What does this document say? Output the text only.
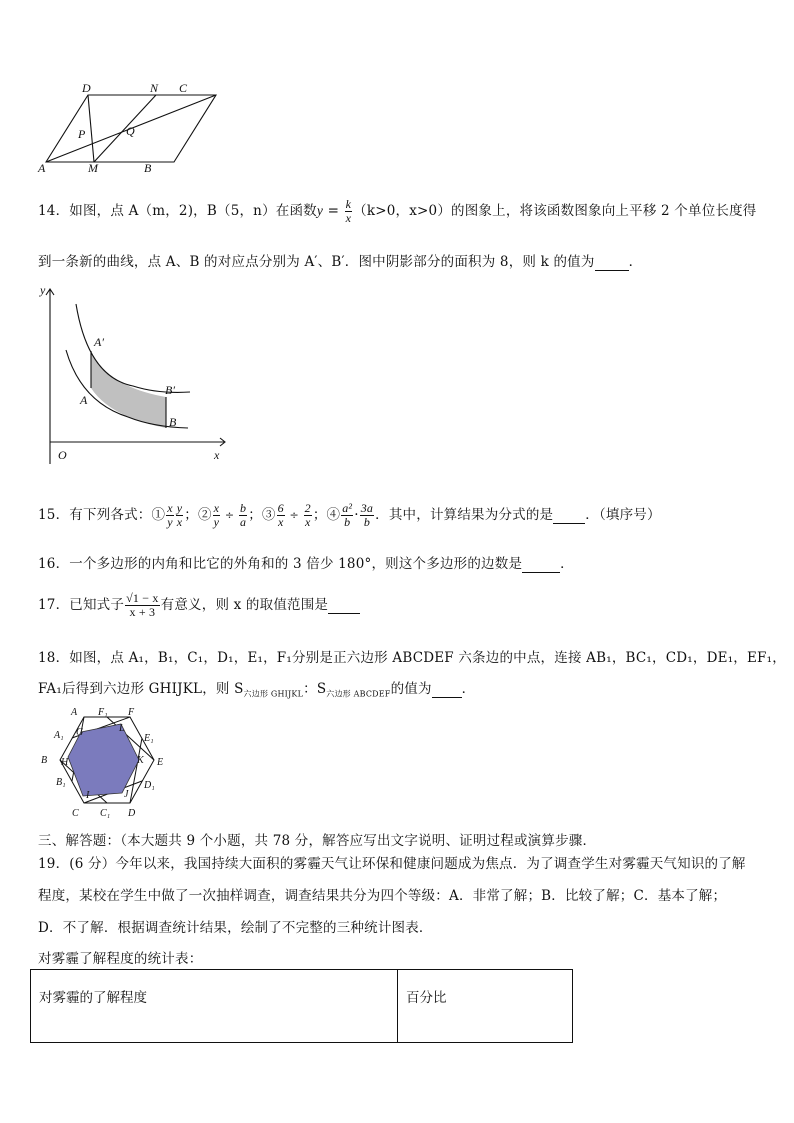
D	N C
P	Q
A	M	B
14．如图，点 A（m，2)，B（5，n）在函数$y = \frac{k}{x} (k>0$，x>0）的图象上，将该函数图象向上平移 2 个单位长度得
到一条新的曲线，点 A、B 的对应点分别为 A′、B′．图中阴影部分的面积为 8，则 k 的值为	．
y
x
O
A′
A
B′
B
15．有下列各式：① $\frac{x}{y} \frac{y}{x}$ ；② $\frac{x}{y} \div \frac{b}{a}$ ；③ $\frac{6}{x} \div \frac{2}{x}$ ；④ $\frac{\text{a²}}{b} \cdot \frac{3a}{b}$ ．其中，计算结果为分式的是 ．（填序号）
16．一个多边形的内角和比它的外角和的 3 倍少 180°，则这个多边形的边数是	．
17．已知式子 $\frac{√1 - x}{x + 3}$ 有意义，则 x 的取值范围是
18．如图，点 A₁，B₁，C₁，D₁，E₁，F₁分别是正六边形 ABCDEF 六条边的中点，连接 AB₁，BC₁，CD₁，DE₁，EF₁，
FA₁后得到六边形 GHIJKL，则 $S_{六边形 GHIJKL}$：$S_{六边形 ABCDEF}$的值为 ．
A F₁ F
A₁ G	L
E₁
B H	K E
B₁
I	J
D₁
C C₁ D
三、解答题：（本大题共 9 个小题，共 78 分，解答应写出文字说明、证明过程或演算步骤．
19．(6 分）今年以来，我国持续大面积的雾霾天气让环保和健康问题成为焦点．为了调查学生对雾霾天气知识的了解
程度，某校在学生中做了一次抽样调查，调查结果共分为四个等级：A．非常了解；B．比较了解；C．基本了解；
D．不了解．根据调查统计结果，绘制了不完整的三种统计图表．
对雾霾了解程度的统计表：
对雾霾的了解程度	百分比
